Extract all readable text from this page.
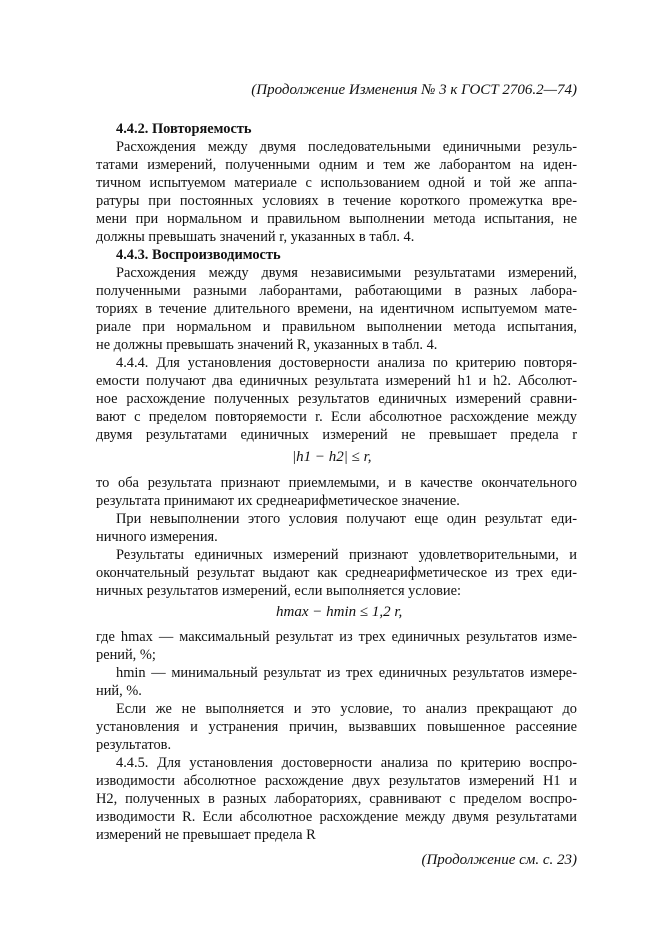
(Продолжение Изменения № 3 к ГОСТ 2706.2—74)
4.4.2. Повторяемость
Расхождения между двумя последовательными единичными резуль-
татами измерений, полученными одним и тем же лаборантом на иден-
тичном испытуемом материале с использованием одной и той же аппа-
ратуры при постоянных условиях в течение короткого промежутка вре-
мени при нормальном и правильном выполнении метода испытания, не
должны превышать значений r, указанных в табл. 4.
4.4.3. Воспроизводимость
Расхождения между двумя независимыми результатами измерений,
полученными разными лаборантами, работающими в разных лабора-
ториях в течение длительного времени, на идентичном испытуемом мате-
риале при нормальном и правильном выполнении метода испытания,
не должны превышать значений R, указанных в табл. 4.
4.4.4. Для установления достоверности анализа по критерию повторя-
емости получают два единичных результата измерений h1 и h2. Абсолют-
ное расхождение полученных результатов единичных измерений сравни-
вают с пределом повторяемости r. Если абсолютное расхождение между
двумя результатами единичных измерений не превышает предела r
|h1 − h2| ≤ r,
то оба результата признают приемлемыми, и в качестве окончательного
результата принимают их среднеарифметическое значение.
При невыполнении этого условия получают еще один результат еди-
ничного измерения.
Результаты единичных измерений признают удовлетворительными, и
окончательный результат выдают как среднеарифметическое из трех еди-
ничных результатов измерений, если выполняется условие:
hmax − hmin ≤ 1,2 r,
где hmax — максимальный результат из трех единичных результатов изме-
рений, %;
hmin — минимальный результат из трех единичных результатов измере-
ний, %.
Если же не выполняется и это условие, то анализ прекращают до
установления и устранения причин, вызвавших повышенное рассеяние
результатов.
4.4.5. Для установления достоверности анализа по критерию воспро-
изводимости абсолютное расхождение двух результатов измерений H1 и
H2, полученных в разных лабораториях, сравнивают с пределом воспро-
изводимости R. Если абсолютное расхождение между двумя результатами
измерений не превышает предела R
(Продолжение см. с. 23)
